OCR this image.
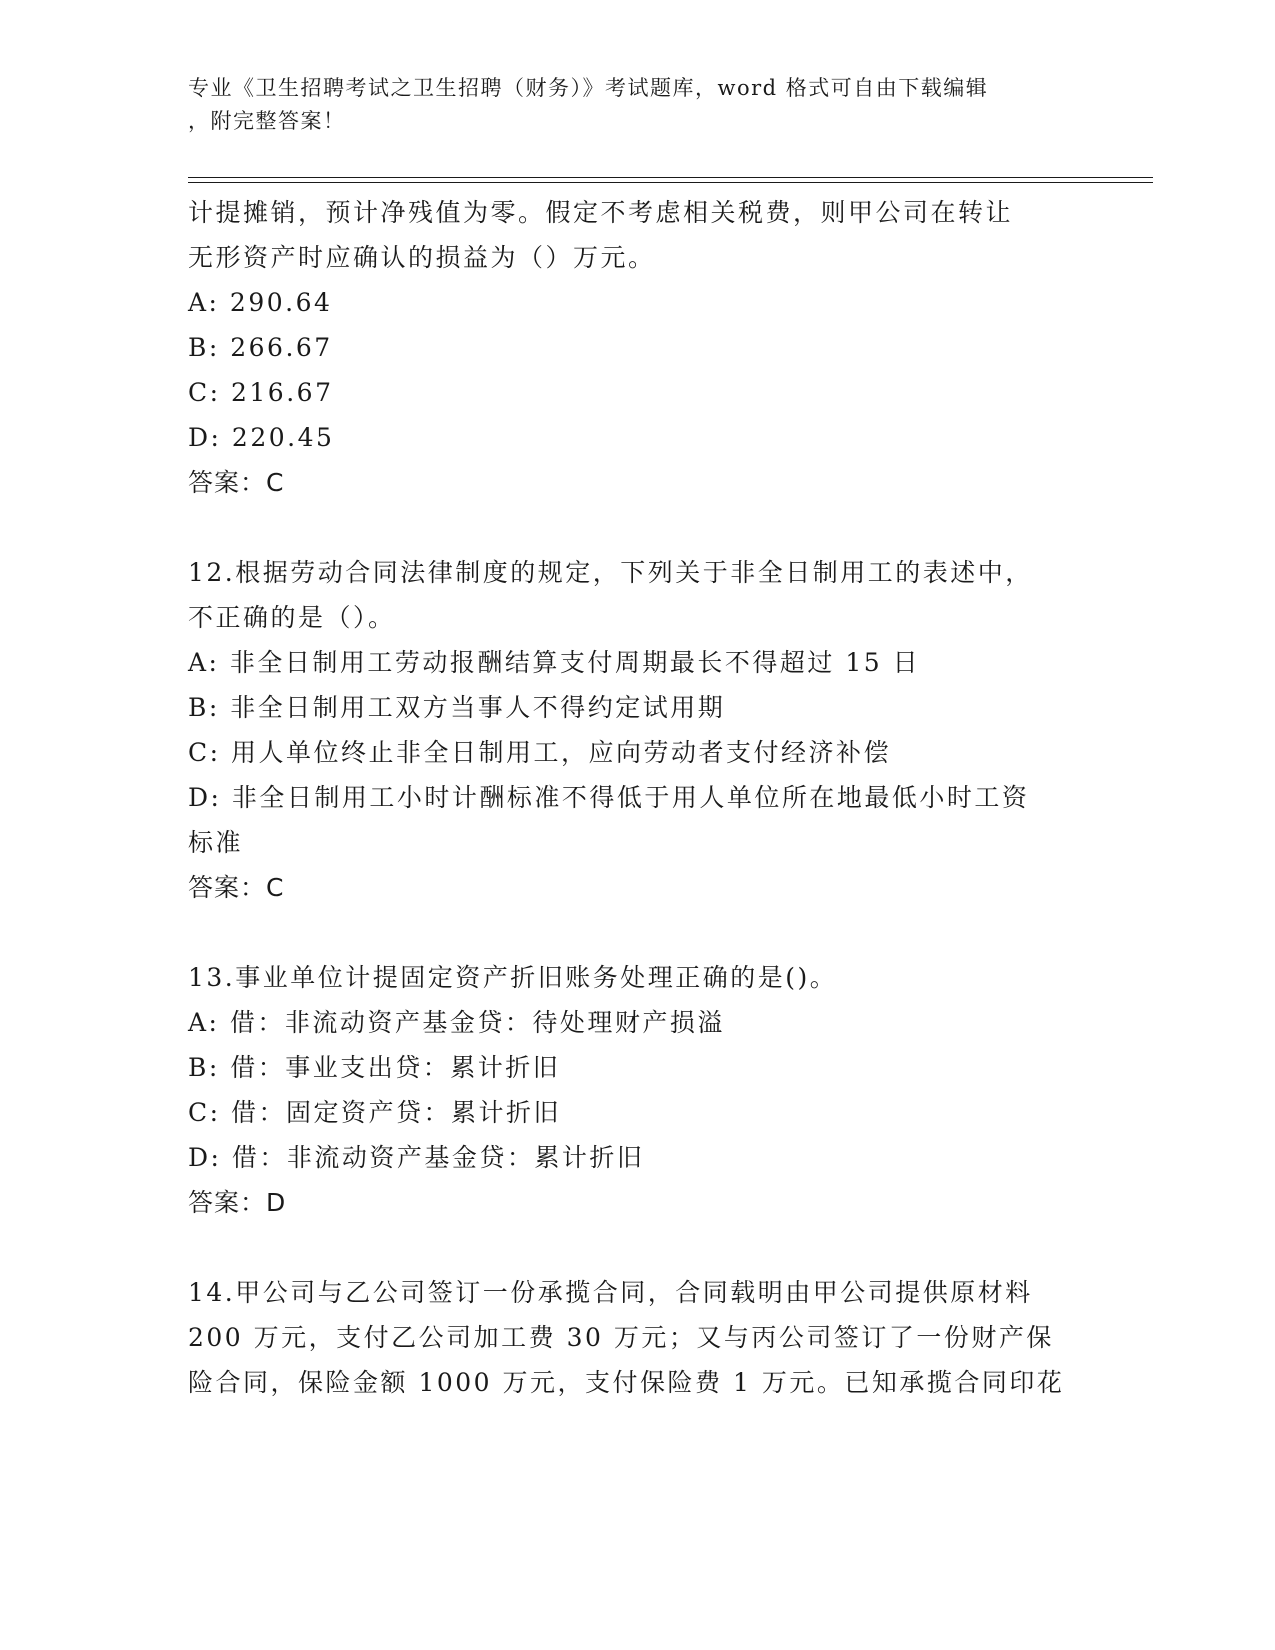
专业《卫生招聘考试之卫生招聘（财务）》考试题库，word 格式可自由下载编辑
，附完整答案！
计提摊销，预计净残值为零。假定不考虑相关税费，则甲公司在转让
无形资产时应确认的损益为（）万元。
A: 290.64
B: 266.67
C: 216.67
D: 220.45
答案：C
12.根据劳动合同法律制度的规定，下列关于非全日制用工的表述中，
不正确的是（）。
A: 非全日制用工劳动报酬结算支付周期最长不得超过 15 日
B: 非全日制用工双方当事人不得约定试用期
C: 用人单位终止非全日制用工，应向劳动者支付经济补偿
D: 非全日制用工小时计酬标准不得低于用人单位所在地最低小时工资
标准
答案：C
13.事业单位计提固定资产折旧账务处理正确的是()。
A: 借：非流动资产基金贷：待处理财产损溢
B: 借：事业支出贷：累计折旧
C: 借：固定资产贷：累计折旧
D: 借：非流动资产基金贷：累计折旧
答案：D
14.甲公司与乙公司签订一份承揽合同，合同载明由甲公司提供原材料
200 万元，支付乙公司加工费 30 万元；又与丙公司签订了一份财产保
险合同，保险金额 1000 万元，支付保险费 1 万元。已知承揽合同印花
